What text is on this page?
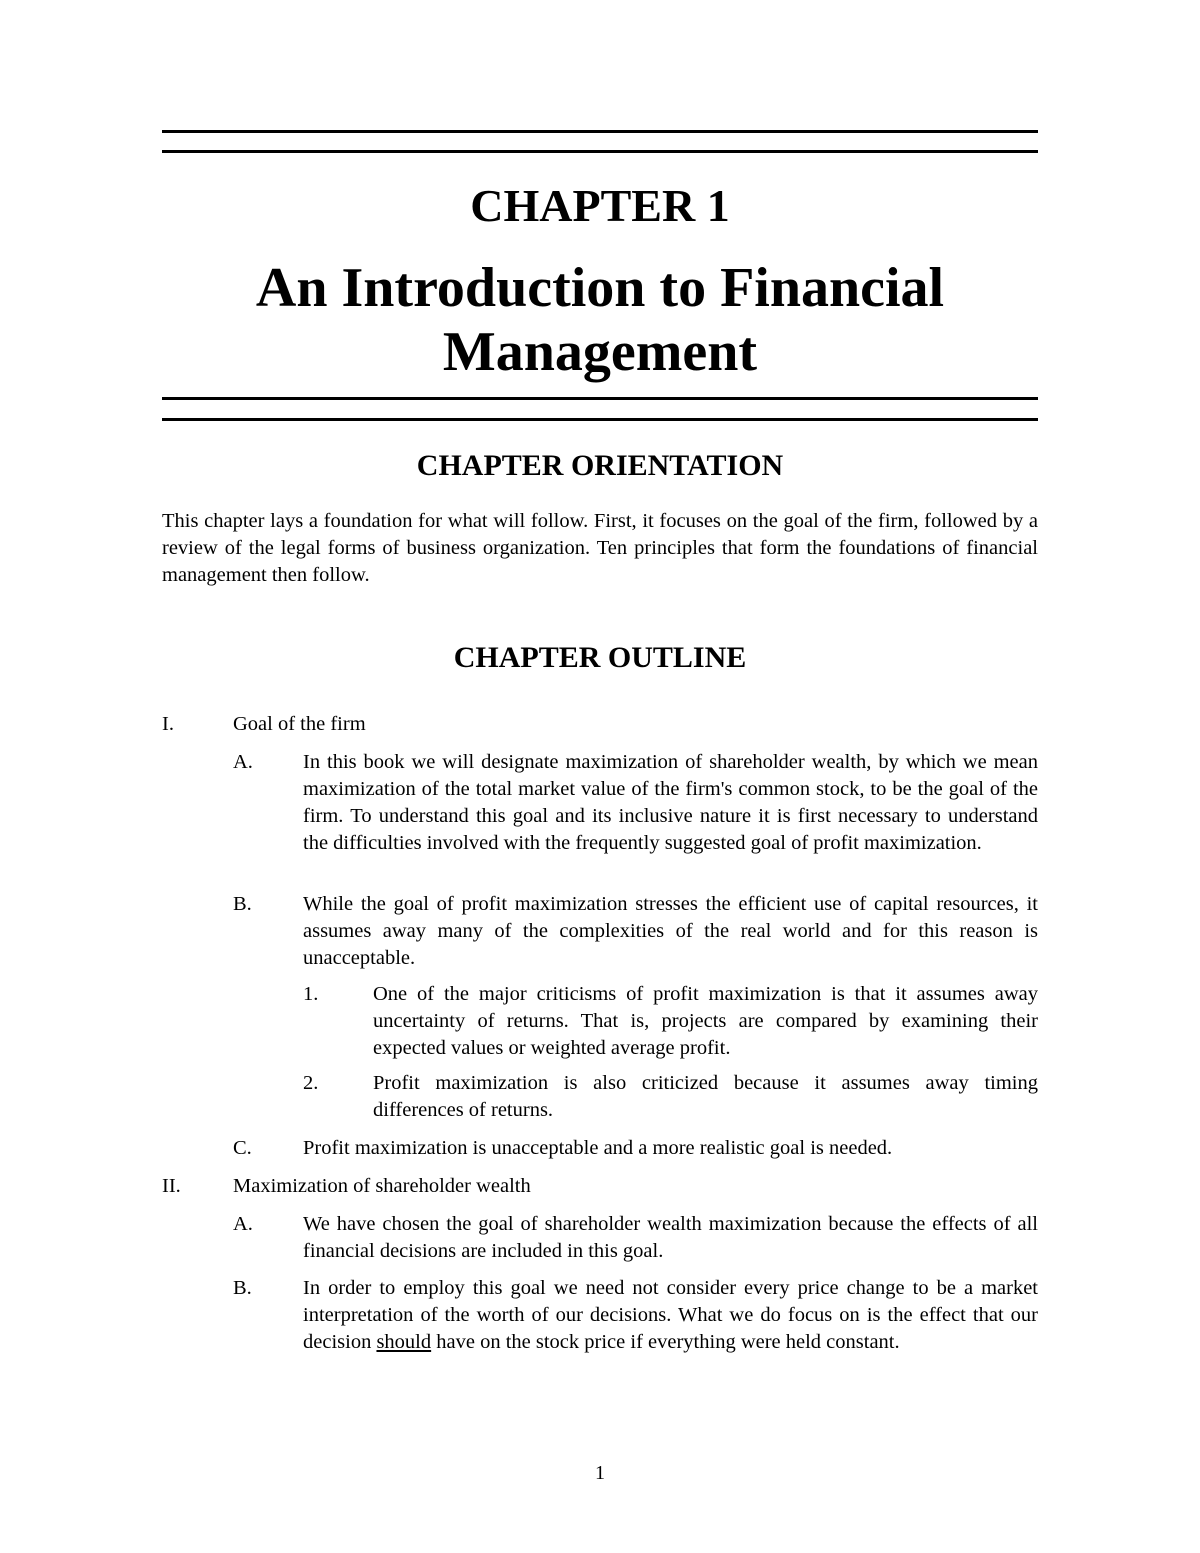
CHAPTER 1
An Introduction to Financial Management
CHAPTER ORIENTATION

This chapter lays a foundation for what will follow. First, it focuses on the goal of the firm, followed by a review of the legal forms of business organization. Ten principles that form the foundations of financial management then follow.

CHAPTER OUTLINE
I.	Goal of the firm
A. In this book we will designate maximization of shareholder wealth, by which we mean maximization of the total market value of the firm's common stock, to be the goal of the firm. To understand this goal and its inclusive nature it is first necessary to understand the difficulties involved with the frequently suggested goal of profit maximization.
B. While the goal of profit maximization stresses the efficient use of capital resources, it assumes away many of the complexities of the real world and for this reason is unacceptable.
1.	One of the major criticisms of profit maximization is that it assumes away uncertainty of returns. That is, projects are compared by examining their expected values or weighted average profit.
2.	Profit maximization is also criticized because it assumes away timing differences of returns.
C. Profit maximization is unacceptable and a more realistic goal is needed.
II.	Maximization of shareholder wealth
A. We have chosen the goal of shareholder wealth maximization because the effects of all financial decisions are included in this goal.
B. In order to employ this goal we need not consider every price change to be a market interpretation of the worth of our decisions. What we do focus on is the effect that our decision should have on the stock price if everything were held constant.
1
